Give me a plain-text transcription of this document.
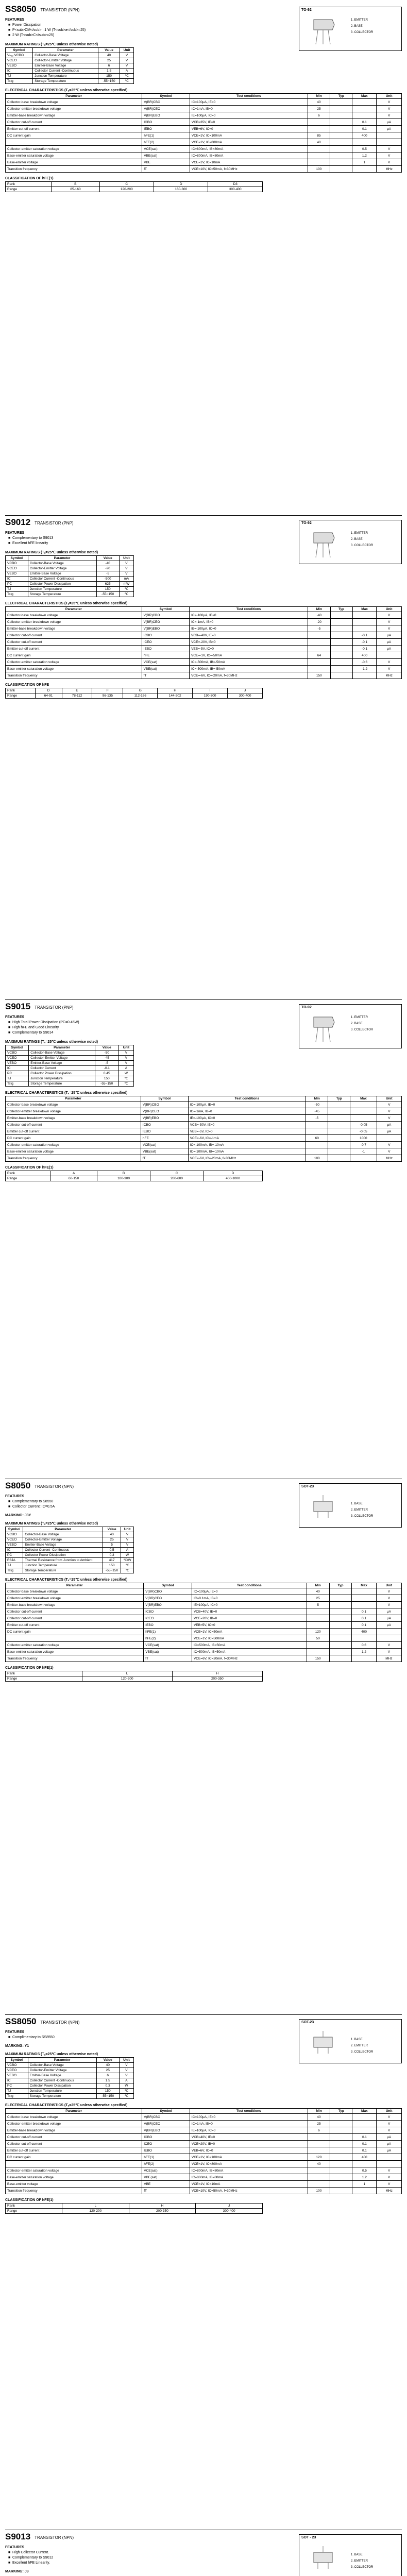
SS8050 TRANSISTOR (NPN)	TO-92
1. EMITTER
2. BASE
3. COLLECTOR
FEATURES
■ Power Dissipation
■ P<sub>CM</sub> : 1 W (T<sub>a</sub>=25)
■ 2 W (T<sub>C</sub>=25)
MAXIMUM RATINGS (Tₐ=25℃ unless otherwise noted)
Symbol	Parameter	Value	Unit
Vₕₒₒ VCBO	Collector-Base Voltage	40	V
VCEO	Collector-Emitter Voltage	25	V
VEBO	Emitter-Base Voltage	6	V
IC	Collector Current -Continuous	1.5	A
TJ	Junction Temperature	150	℃
Tstg	Storage Temperature	-55~150	℃
ELECTRICAL CHARACTERISTICS (Tₐ=25℃ unless otherwise specified)
Parameter	Symbol	Test conditions	Min	Typ	Max	Unit
Collector-base breakdown voltage	V(BR)CBO	IC=100μA, IE=0	40			V
Collector-emitter breakdown voltage	V(BR)CEO	IC=1mA, IB=0	25			V
Emitter-base breakdown voltage	V(BR)EBO	IE=100μA, IC=0	6			V
Collector cut-off current	ICBO	VCB=35V, IE=0			0.1	μA
Emitter cut-off current	IEBO	VEB=6V, IC=0			0.1	μA
DC current gain	hFE(1)	VCE=1V, IC=100mA	85		400	
	hFE(2)	VCE=1V, IC=800mA	40			
Collector-emitter saturation voltage	VCE(sat)	IC=800mA, IB=80mA			0.5	V
Base-emitter saturation voltage	VBE(sat)	IC=800mA, IB=80mA			1.2	V
Base-emitter voltage	VBE	VCE=1V, IC=10mA			1	V
Transition frequency	fT	VCE=10V, IC=50mA, f=30MHz	100			MHz
CLASSIFICATION OF hFE(1)
Rank	B	C	D	D3
Range	85-160	120-200	160-300	300-400
S9012 TRANSISTOR (PNP)	TO-92
1. EMITTER
2. BASE
3. COLLECTOR
FEATURES
■ Complementary to S9013
■ Excellent hFE linearity
MAXIMUM RATINGS (Tₐ=25℃ unless otherwise noted)
Symbol	Parameter	Value	Unit
VCBO	Collector-Base Voltage	-40	V
VCEO	Collector-Emitter Voltage	-20	V
VEBO	Emitter-Base Voltage	-5	V
IC	Collector Current -Continuous	-500	mA
PC	Collector Power Dissipation	625	mW
TJ	Junction Temperature	150	℃
Tstg	Storage Temperature	-55~150	℃
ELECTRICAL CHARACTERISTICS (Tₐ=25℃ unless otherwise specified)
Parameter	Symbol	Test conditions	Min	Typ	Max	Unit
Collector-base breakdown voltage	V(BR)CBO	IC=-100μA, IE=0	-40			V
Collector-emitter breakdown voltage	V(BR)CEO	IC=-1mA, IB=0	-20			V
Emitter-base breakdown voltage	V(BR)EBO	IE=-100μA, IC=0	-5			V
Collector cut-off current	ICBO	VCB=-40V, IE=0			-0.1	μA
Collector cut-off current	ICEO	VCE=-20V, IB=0			-0.1	μA
Emitter cut-off current	IEBO	VEB=-5V, IC=0			-0.1	μA
DC current gain	hFE	VCE=-1V, IC=-50mA	64		400	
Collector-emitter saturation voltage	VCE(sat)	IC=-500mA, IB=-50mA			-0.6	V
Base-emitter saturation voltage	VBE(sat)	IC=-500mA, IB=-50mA			-1.2	V
Transition frequency	fT	VCE=-6V, IC=-20mA, f=30MHz	150			MHz
CLASSIFICATION OF hFE
Rank	D	E	F	G	H	I	J
Range	64-91	78-112	96-135	112-166	144-202	190-300	300-400
S9015 TRANSISTOR (PNP)	TO-92
1. EMITTER
2. BASE
3. COLLECTOR
FEATURES
■ High Total Power Dissipation (PC=0.45W)
■ High hFE and Good Linearity
■ Complementary to S9014
MAXIMUM RATINGS (Tₐ=25℃ unless otherwise noted)
Symbol	Parameter	Value	Unit
VCBO	Collector-Base Voltage	-50	V
VCEO	Collector-Emitter Voltage	-45	V
VEBO	Emitter-Base Voltage	-5	V
IC	Collector Current	-0.1	A
PC	Collector Power Dissipation	0.45	W
TJ	Junction Temperature	150	℃
Tstg	Storage Temperature	-55~150	℃
ELECTRICAL CHARACTERISTICS (Tₐ=25℃ unless otherwise specified)
Parameter	Symbol	Test conditions	Min	Typ	Max	Unit
Collector-base breakdown voltage	V(BR)CBO	IC=-100μA, IE=0	-50			V
Collector-emitter breakdown voltage	V(BR)CEO	IC=-1mA, IB=0	-45			V
Emitter-base breakdown voltage	V(BR)EBO	IE=-100μA, IC=0	-5			V
Collector cut-off current	ICBO	VCB=-50V, IE=0			-0.05	μA
Emitter cut-off current	IEBO	VEB=-5V, IC=0			-0.05	μA
DC current gain	hFE	VCE=-6V, IC=-1mA	60		1000	
Collector-emitter saturation voltage	VCE(sat)	IC=-100mA, IB=-10mA			-0.7	V
Base-emitter saturation voltage	VBE(sat)	IC=-100mA, IB=-10mA			-1	V
Transition frequency	fT	VCE=-6V, IC=-20mA, f=30MHz	100			MHz
CLASSIFICATION OF hFE(1)
Rank	A	B	C	D
Range	60-150	100-300	200-600	400-1000
S8050 TRANSISTOR (NPN)	SOT-23
1. BASE
2. EMITTER
3. COLLECTOR
FEATURES
■ Complementary to S8550
■ Collector Current: IC=0.5A
MARKING: J3Y
MAXIMUM RATINGS (Tₐ=25℃ unless otherwise noted)
Symbol	Parameter	Value	Unit
VCBO	Collector-Base Voltage	40	V
VCEO	Collector-Emitter Voltage	25	V
VEBO	Emitter-Base Voltage	5	V
IC	Collector Current -Continuous	0.5	A
PC	Collector Power Dissipation	0.3	W
RθJA	Thermal Resistance from Junction to Ambient	417	℃/W
TJ	Junction Temperature	150	℃
Tstg	Storage Temperature	-55~150	℃
ELECTRICAL CHARACTERISTICS (Tₐ=25℃ unless otherwise specified)
Parameter	Symbol	Test conditions	Min	Typ	Max	Unit
Collector-base breakdown voltage	V(BR)CBO	IC=100μA, IE=0	40			V
Collector-emitter breakdown voltage	V(BR)CEO	IC=0.1mA, IB=0	25			V
Emitter-base breakdown voltage	V(BR)EBO	IE=100μA, IC=0	5			V
Collector cut-off current	ICBO	VCB=40V, IE=0			0.1	μA
Collector cut-off current	ICEO	VCE=20V, IB=0			0.1	μA
Emitter cut-off current	IEBO	VEB=5V, IC=0			0.1	μA
DC current gain	hFE(1)	VCE=1V, IC=50mA	120		400	
	hFE(2)	VCE=1V, IC=500mA	50			
Collector-emitter saturation voltage	VCE(sat)	IC=500mA, IB=50mA			0.6	V
Base-emitter saturation voltage	VBE(sat)	IC=500mA, IB=50mA			1.2	V
Transition frequency	fT	VCE=6V, IC=20mA, f=30MHz	150			MHz
CLASSIFICATION OF hFE(1)
Rank	L	H
Range	120-200	200-350
SS8050 TRANSISTOR (NPN)	SOT-23
1. BASE
2. EMITTER
3. COLLECTOR
FEATURES
■ Complimentary to SS8550
MARKING: Y1
MAXIMUM RATINGS (Tₐ=25℃ unless otherwise noted)
Symbol	Parameter	Value	Unit
VCBO	Collector-Base Voltage	40	V
VCEO	Collector-Emitter Voltage	25	V
VEBO	Emitter-Base Voltage	6	V
IC	Collector Current -Continuous	1.5	A
PC	Collector Power Dissipation	0.3	W
TJ	Junction Temperature	150	℃
Tstg	Storage Temperature	-55~150	℃
ELECTRICAL CHARACTERISTICS (Tₐ=25℃ unless otherwise specified)
Parameter	Symbol	Test conditions	Min	Typ	Max	Unit
Collector-base breakdown voltage	V(BR)CBO	IC=100μA, IE=0	40			V
Collector-emitter breakdown voltage	V(BR)CEO	IC=1mA, IB=0	25			V
Emitter-base breakdown voltage	V(BR)EBO	IE=100μA, IC=0	6			V
Collector cut-off current	ICBO	VCB=40V, IE=0			0.1	μA
Collector cut-off current	ICEO	VCE=20V, IB=0			0.1	μA
Emitter cut-off current	IEBO	VEB=6V, IC=0			0.1	μA
DC current gain	hFE(1)	VCE=1V, IC=100mA	120		400	
	hFE(2)	VCE=1V, IC=800mA	40			
Collector-emitter saturation voltage	VCE(sat)	IC=800mA, IB=80mA			0.5	V
Base-emitter saturation voltage	VBE(sat)	IC=800mA, IB=80mA			1.2	V
Base-emitter voltage	VBE	VCE=1V, IC=10mA			1	V
Transition frequency	fT	VCE=10V, IC=50mA, f=30MHz	100			MHz
CLASSIFICATION OF hFE(1)
Rank	L	H	J
Range	120-200	200-350	300-400
S9013 TRANSISTOR (NPN)	SOT - 23
1. BASE
2. EMITTER
3. COLLECTOR
FEATURES
■ High Collector Current.
■ Complementary to S9012
■ Excellent hFE Linearity.
MARKING: J3
